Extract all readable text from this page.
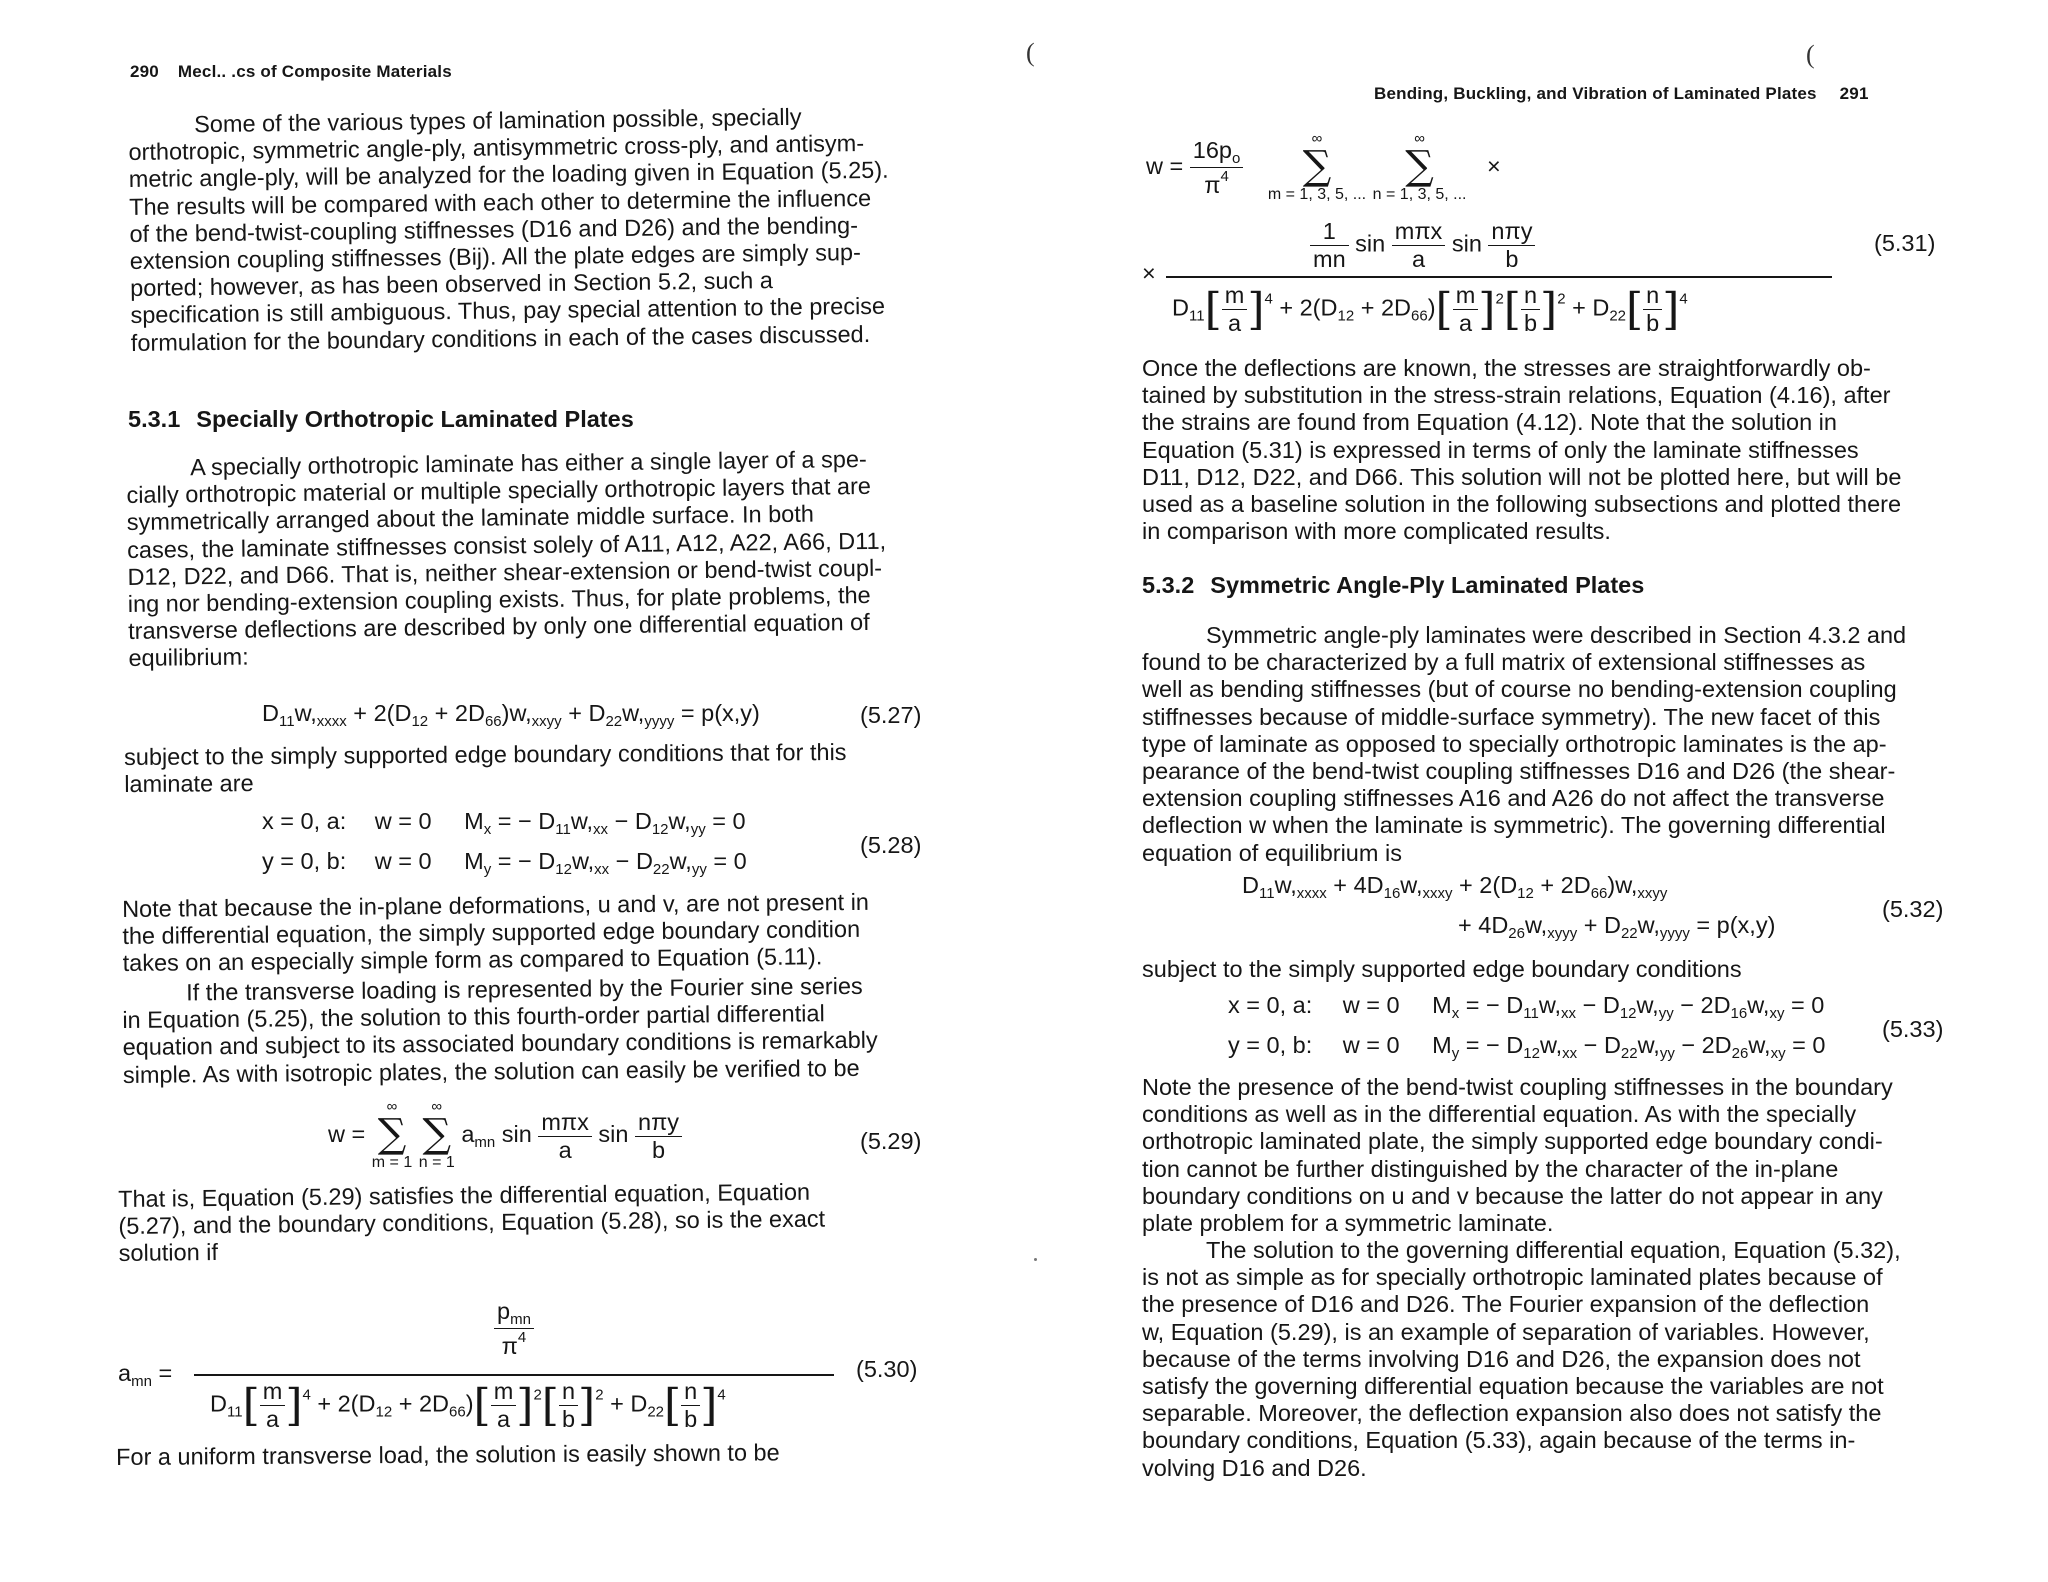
290 Mecl.. .cs of Composite Materials
Some of the various types of lamination possible, specially
orthotropic, symmetric angle-ply, antisymmetric cross-ply, and antisym-
metric angle-ply, will be analyzed for the loading given in Equation (5.25).
The results will be compared with each other to determine the influence
of the bend-twist-coupling stiffnesses (D16 and D26) and the bending-
extension coupling stiffnesses (Bij). All the plate edges are simply sup-
ported; however, as has been observed in Section 5.2, such a
specification is still ambiguous. Thus, pay special attention to the precise
formulation for the boundary conditions in each of the cases discussed.
5.3.1 Specially Orthotropic Laminated Plates
A specially orthotropic laminate has either a single layer of a spe-
cially orthotropic material or multiple specially orthotropic layers that are
symmetrically arranged about the laminate middle surface. In both
cases, the laminate stiffnesses consist solely of A11, A12, A22, A66, D11,
D12, D22, and D66. That is, neither shear-extension or bend-twist coupl-
ing nor bending-extension coupling exists. Thus, for plate problems, the
transverse deflections are described by only one differential equation of
equilibrium:
$D_{11}w,_{xxxx} + 2(D_{12} + 2D_{66})w,_{xxyy} + D_{22}w,_{yyyy} = p(x,y)$	(5.27)
subject to the simply supported edge boundary conditions that for this
laminate are
x = 0, a: w = 0 $M_x$ = − $D_{11}w,_{xx} - D_{12}w,_{yy} = 0$
y = 0, b: w = 0 $M_y$ = − $D_{12}w,_{xx} - D_{22}w,_{yy} = 0$
(5.28)
Note that because the in-plane deformations, u and v, are not present in
the differential equation, the simply supported edge boundary condition
takes on an especially simple form as compared to Equation (5.11).
If the transverse loading is represented by the Fourier sine series
in Equation (5.25), the solution to this fourth-order partial differential
equation and subject to its associated boundary conditions is remarkably
simple. As with isotropic plates, the solution can easily be verified to be
w =
∞
∑
m = 1

∞
∑
n = 1
$a_{mn}$ $\sin \frac{\text{mπx}}{a}$ $\sin \frac{\text{nπy}}{b}$	(5.29)
That is, Equation (5.29) satisfies the differential equation, Equation
(5.27), and the boundary conditions, Equation (5.28), so is the exact
solution if
$\frac{p_{mn}}{\pi^4}$
$a_{mn}$ =
$D_{11}[ \frac{m}{a} ]^4 + 2(D_{12} + 2D_{66})[ \frac{m}{a} ]^2[ \frac{n}{b} ]^2 + D_{22}[ \frac{n}{b} ]^4$
(5.30)
For a uniform transverse load, the solution is easily shown to be
(	(
Bending, Buckling, and Vibration of Laminated Plates 291
$w = \frac{16p_o}{\pi^4}$
	∞
∑
m = 1, 3, 5, ...

∞
∑
n = 1, 3, 5, ...
×
$\frac{1}{mn}$ $\sin \frac{\text{mπx}}{a}$ $\sin \frac{\text{nπy}}{b}$
×
$D_{11}[ \frac{m}{a} ]^4 + 2(D_{12} + 2D_{66})[ \frac{m}{a} ]^2[ \frac{n}{b} ]^2 + D_{22}[ \frac{n}{b} ]^4$
(5.31)
Once the deflections are known, the stresses are straightforwardly ob-
tained by substitution in the stress-strain relations, Equation (4.16), after
the strains are found from Equation (4.12). Note that the solution in
Equation (5.31) is expressed in terms of only the laminate stiffnesses
D11, D12, D22, and D66. This solution will not be plotted here, but will be
used as a baseline solution in the following subsections and plotted there
in comparison with more complicated results.
5.3.2 Symmetric Angle-Ply Laminated Plates
Symmetric angle-ply laminates were described in Section 4.3.2 and
found to be characterized by a full matrix of extensional stiffnesses as
well as bending stiffnesses (but of course no bending-extension coupling
stiffnesses because of middle-surface symmetry). The new facet of this
type of laminate as opposed to specially orthotropic laminates is the ap-
pearance of the bend-twist coupling stiffnesses D16 and D26 (the shear-
extension coupling stiffnesses A16 and A26 do not affect the transverse
deflection w when the laminate is symmetric). The governing differential
equation of equilibrium is
$D_{11}w,_{xxxx} + 4D_{16}w,_{xxxy} + 2(D_{12} + 2D_{66})w,_{xxyy}$
+ $4D_{26}w,_{xyyy} + D_{22}w,_{yyyy} = p(x,y)$
(5.32)
subject to the simply supported edge boundary conditions
x = 0, a: w = 0 $M_x$ = − $D_{11}w,_{xx} - D_{12}w,_{yy} - 2D_{16}w,_{xy} = 0$
y = 0, b: w = 0 $M_y$ = − $D_{12}w,_{xx} - D_{22}w,_{yy} - 2D_{26}w,_{xy} = 0$
(5.33)
Note the presence of the bend-twist coupling stiffnesses in the boundary
conditions as well as in the differential equation. As with the specially
orthotropic laminated plate, the simply supported edge boundary condi-
tion cannot be further distinguished by the character of the in-plane
boundary conditions on u and v because the latter do not appear in any
plate problem for a symmetric laminate.
The solution to the governing differential equation, Equation (5.32),
is not as simple as for specially orthotropic laminated plates because of
the presence of D16 and D26. The Fourier expansion of the deflection
w, Equation (5.29), is an example of separation of variables. However,
because of the terms involving D16 and D26, the expansion does not
satisfy the governing differential equation because the variables are not
separable. Moreover, the deflection expansion also does not satisfy the
boundary conditions, Equation (5.33), again because of the terms in-
volving D16 and D26.
